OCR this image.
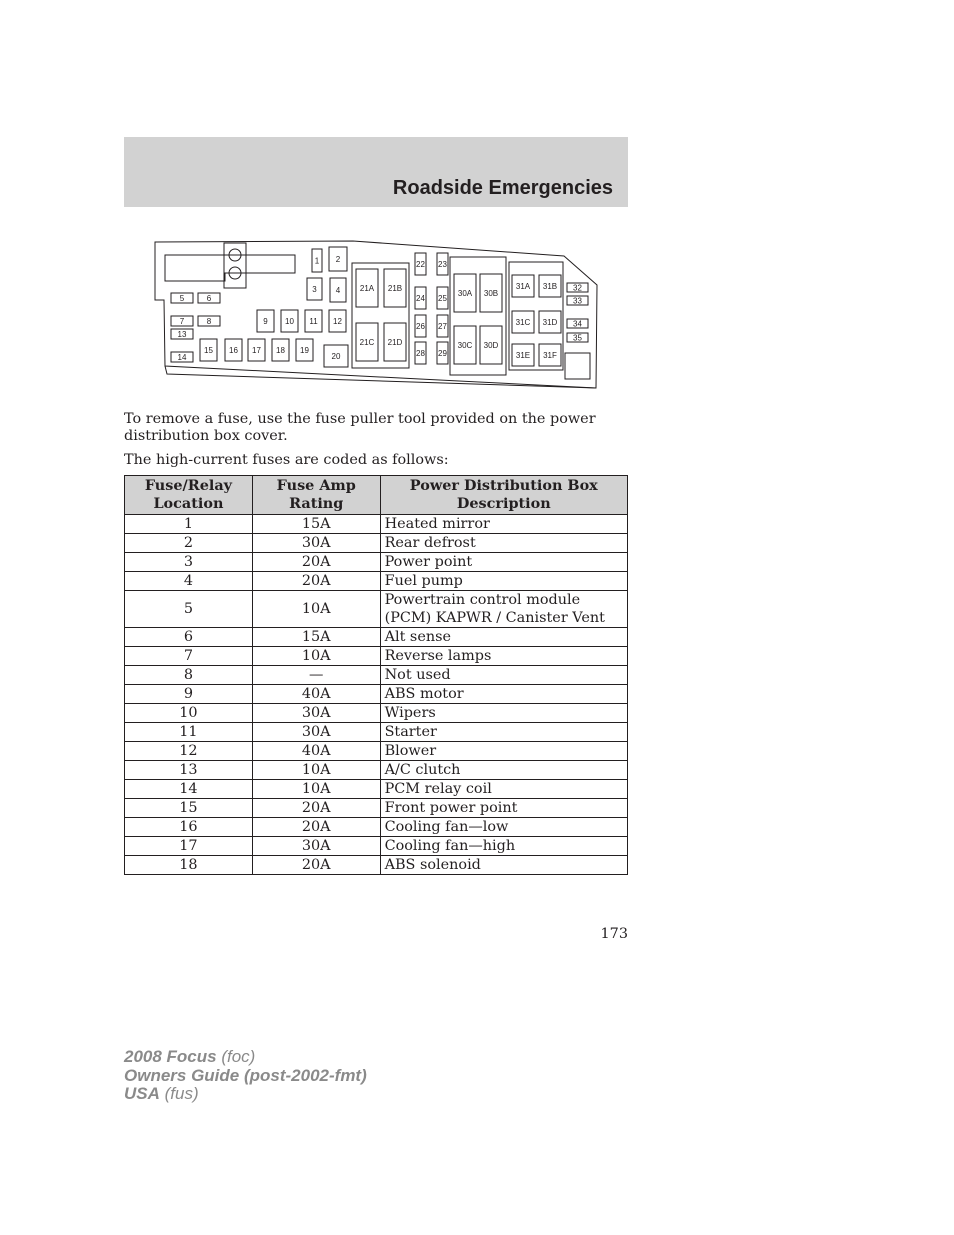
Roadside Emergencies
1 2
3 4
5	6
7	8
13
14
9 10 11 12
15 16 17 18 19
20
21A 21B
21C 21D
22 23
24 25
26 27
28 29
30A 30B
30C 30D
31A 31B
31C 31D
31E 31F
32
33
34
35

To remove a fuse, use the fuse puller tool provided on the power distribution box cover.

The high-current fuses are coded as follows:

Fuse/Relay Location	Fuse Amp Rating	Power Distribution Box Description
1	15A	Heated mirror
2	30A	Rear defrost
3	20A	Power point
4	20A	Fuel pump
5	10A	Powertrain control module (PCM) KAPWR / Canister Vent
6	15A	Alt sense
7	10A	Reverse lamps
8	—	Not used
9	40A	ABS motor
10	30A	Wipers
11	30A	Starter
12	40A	Blower
13	10A	A/C clutch
14	10A	PCM relay coil
15	20A	Front power point
16	20A	Cooling fan—low
17	30A	Cooling fan—high
18	20A	ABS solenoid
173
2008 Focus (foc)
Owners Guide (post-2002-fmt)
USA (fus)
